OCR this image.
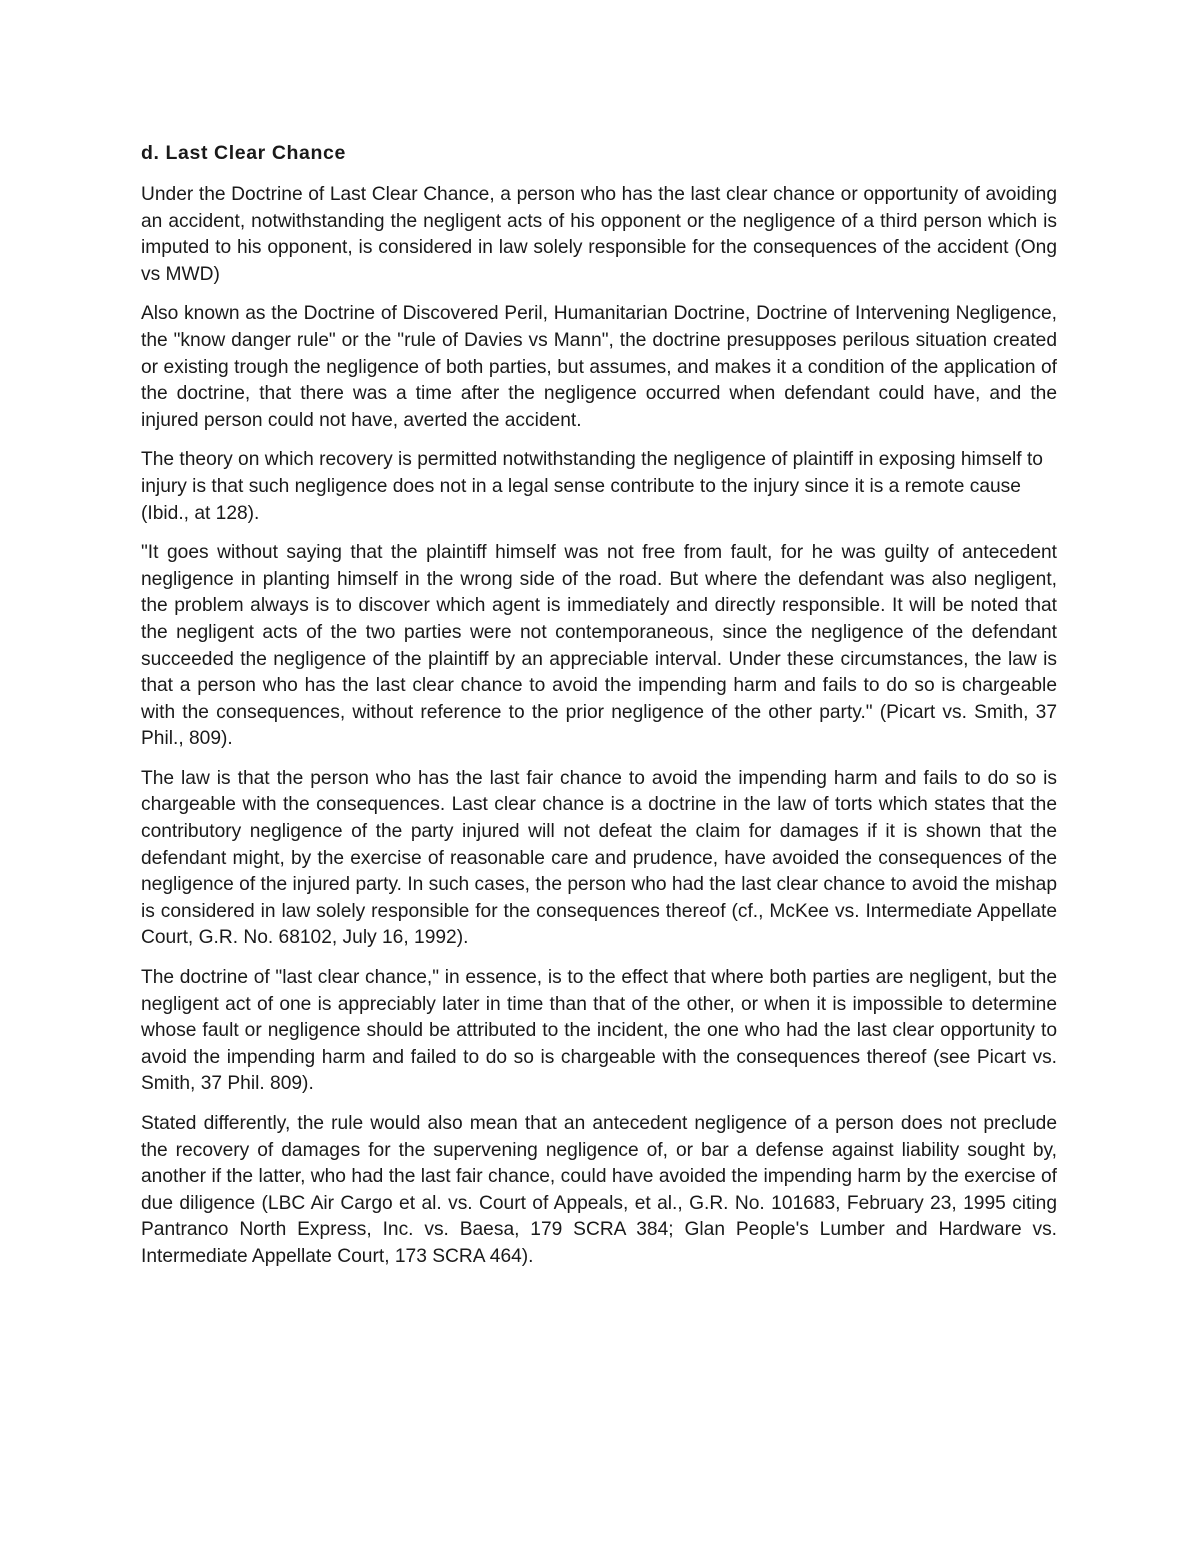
d. Last Clear Chance

Under the Doctrine of Last Clear Chance, a person who has the last clear chance or opportunity of avoiding an accident, notwithstanding the negligent acts of his opponent or the negligence of a third person which is imputed to his opponent, is considered in law solely responsible for the consequences of the accident (Ong vs MWD)

Also known as the Doctrine of Discovered Peril, Humanitarian Doctrine, Doctrine of Intervening Negligence, the "know danger rule" or the "rule of Davies vs Mann", the doctrine presupposes perilous situation created or existing trough the negligence of both parties, but assumes, and makes it a condition of the application of the doctrine, that there was a time after the negligence occurred when defendant could have, and the injured person could not have, averted the accident.

The theory on which recovery is permitted notwithstanding the negligence of plaintiff in exposing himself to injury is that such negligence does not in a legal sense contribute to the injury since it is a remote cause (Ibid., at 128).

"It goes without saying that the plaintiff himself was not free from fault, for he was guilty of antecedent negligence in planting himself in the wrong side of the road. But where the defendant was also negligent, the problem always is to discover which agent is immediately and directly responsible. It will be noted that the negligent acts of the two parties were not contemporaneous, since the negligence of the defendant succeeded the negligence of the plaintiff by an appreciable interval. Under these circumstances, the law is that a person who has the last clear chance to avoid the impending harm and fails to do so is chargeable with the consequences, without reference to the prior negligence of the other party." (Picart vs. Smith, 37 Phil., 809).

The law is that the person who has the last fair chance to avoid the impending harm and fails to do so is chargeable with the consequences. Last clear chance is a doctrine in the law of torts which states that the contributory negligence of the party injured will not defeat the claim for damages if it is shown that the defendant might, by the exercise of reasonable care and prudence, have avoided the consequences of the negligence of the injured party. In such cases, the person who had the last clear chance to avoid the mishap is considered in law solely responsible for the consequences thereof (cf., McKee vs. Intermediate Appellate Court, G.R. No. 68102, July 16, 1992).

The doctrine of "last clear chance," in essence, is to the effect that where both parties are negligent, but the negligent act of one is appreciably later in time than that of the other, or when it is impossible to determine whose fault or negligence should be attributed to the incident, the one who had the last clear opportunity to avoid the impending harm and failed to do so is chargeable with the consequences thereof (see Picart vs. Smith, 37 Phil. 809).

Stated differently, the rule would also mean that an antecedent negligence of a person does not preclude the recovery of damages for the supervening negligence of, or bar a defense against liability sought by, another if the latter, who had the last fair chance, could have avoided the impending harm by the exercise of due diligence (LBC Air Cargo et al. vs. Court of Appeals, et al., G.R. No. 101683, February 23, 1995 citing Pantranco North Express, Inc. vs. Baesa, 179 SCRA 384; Glan People's Lumber and Hardware vs. Intermediate Appellate Court, 173 SCRA 464).
